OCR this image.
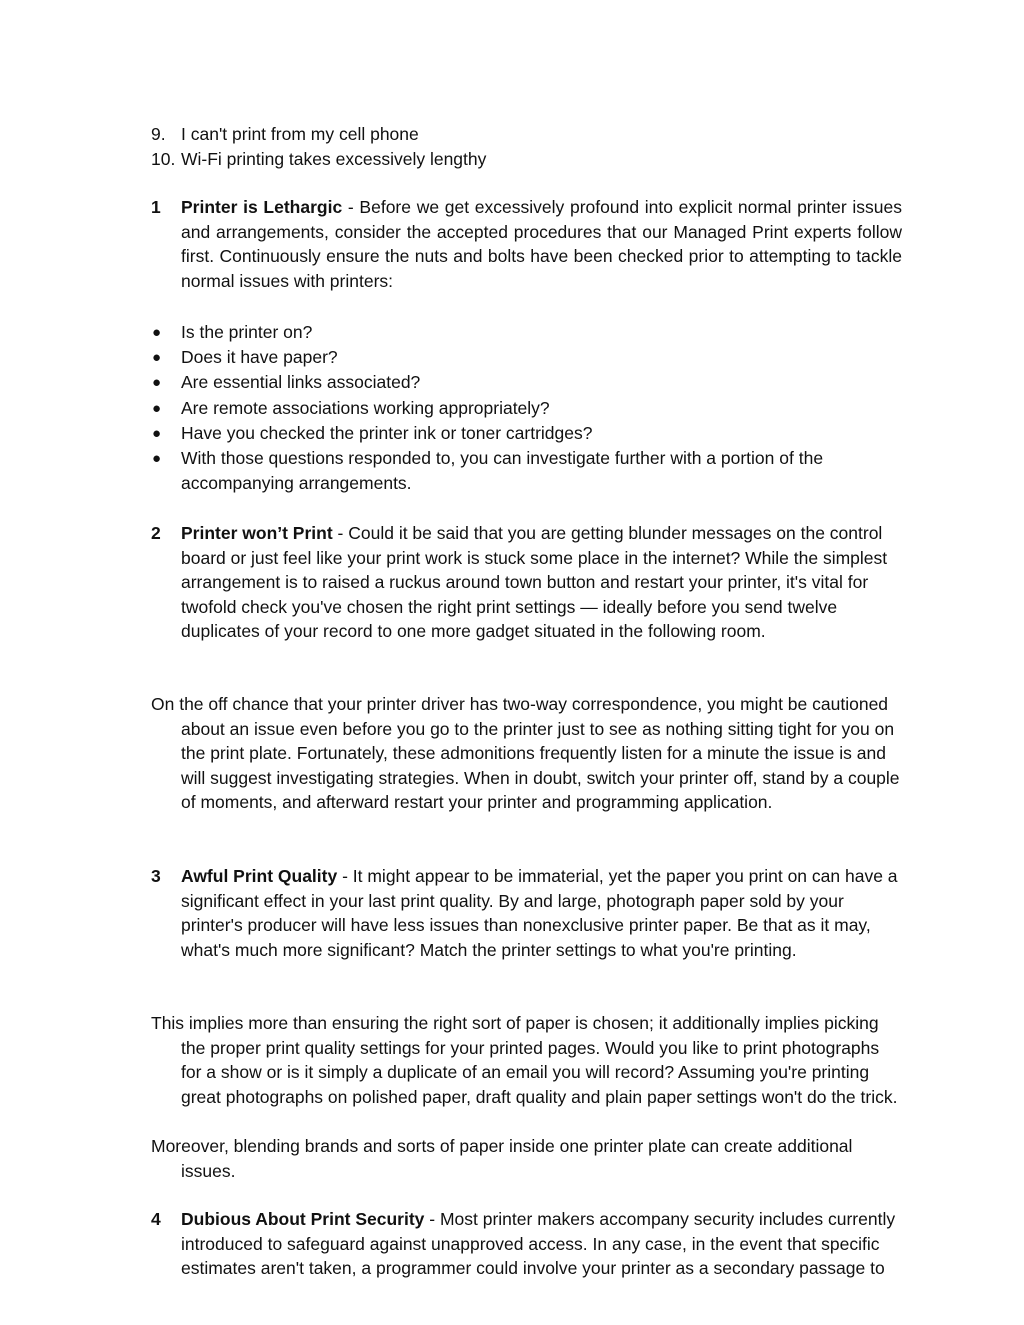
9. I can't print from my cell phone
10. Wi-Fi printing takes excessively lengthy
1 Printer is Lethargic - Before we get excessively profound into explicit normal printer issues and arrangements, consider the accepted procedures that our Managed Print experts follow first. Continuously ensure the nuts and bolts have been checked prior to attempting to tackle normal issues with printers:
● Is the printer on?
● Does it have paper?
● Are essential links associated?
● Are remote associations working appropriately?
● Have you checked the printer ink or toner cartridges?
● With those questions responded to, you can investigate further with a portion of the accompanying arrangements.
2 Printer won’t Print - Could it be said that you are getting blunder messages on the control board or just feel like your print work is stuck some place in the internet? While the simplest arrangement is to raised a ruckus around town button and restart your printer, it's vital for twofold check you've chosen the right print settings — ideally before you send twelve duplicates of your record to one more gadget situated in the following room.
On the off chance that your printer driver has two-way correspondence, you might be cautioned about an issue even before you go to the printer just to see as nothing sitting tight for you on the print plate. Fortunately, these admonitions frequently listen for a minute the issue is and will suggest investigating strategies. When in doubt, switch your printer off, stand by a couple of moments, and afterward restart your printer and programming application.
3 Awful Print Quality - It might appear to be immaterial, yet the paper you print on can have a significant effect in your last print quality. By and large, photograph paper sold by your printer's producer will have less issues than nonexclusive printer paper. Be that as it may, what's much more significant? Match the printer settings to what you're printing.
This implies more than ensuring the right sort of paper is chosen; it additionally implies picking the proper print quality settings for your printed pages. Would you like to print photographs for a show or is it simply a duplicate of an email you will record? Assuming you're printing great photographs on polished paper, draft quality and plain paper settings won't do the trick.
Moreover, blending brands and sorts of paper inside one printer plate can create additional issues.
4 Dubious About Print Security - Most printer makers accompany security includes currently introduced to safeguard against unapproved access. In any case, in the event that specific estimates aren't taken, a programmer could involve your printer as a secondary passage to
